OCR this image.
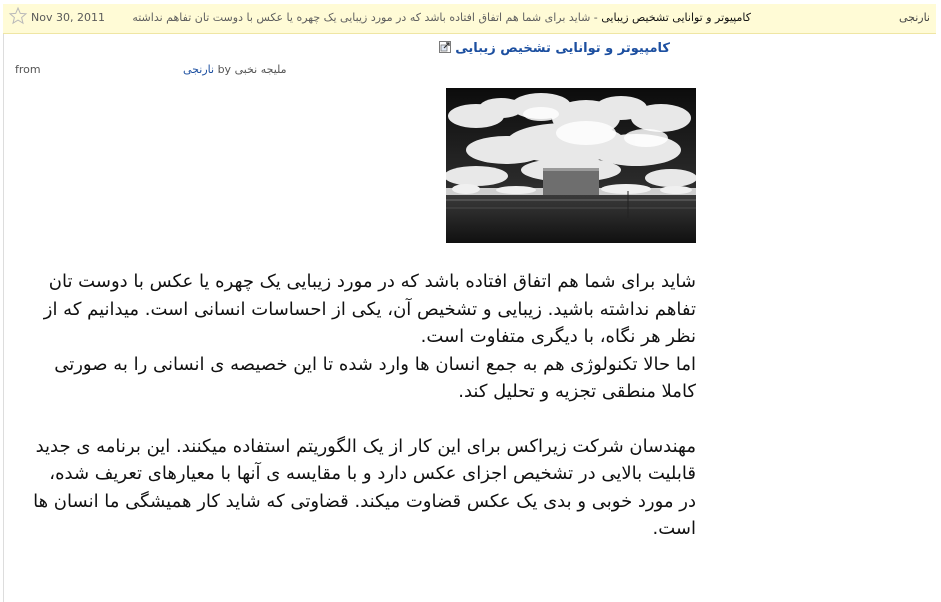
Nov 30, 2011	کامپیوتر و توانایی تشخیص زیبایی - شاید برای شما هم اتفاق افتاده باشد که در مورد زیبایی یک چهره یا عکس با دوست تان تفاهم نداشته	نارنجی
کامپیوتر و توانایی تشخیص زیبایی
from	نارنجی by ملیجه نخبی

شاید برای شما هم اتفاق افتاده باشد که در مورد زیبایی یک چهره یا عکس با دوست تان تفاهم نداشته باشید. زیبایی و تشخیص آن، یکی از احساسات انسانی است. میدانیم که از نظر هر نگاه، با دیگری متفاوت است.

اما حالا تکنولوژی هم به جمع انسان ها وارد شده تا این خصیصه ی انسانی را به صورتی کاملا منطقی تجزیه و تحلیل کند.

مهندسان شرکت زیراکس برای این کار از یک الگوریتم استفاده میکنند. این برنامه ی جدید قابلیت بالایی در تشخیص اجزای عکس دارد و با مقایسه ی آنها با معیارهای تعریف شده، در مورد خوبی و بدی یک عکس قضاوت میکند. قضاوتی که شاید کار همیشگی ما انسان ها است.
